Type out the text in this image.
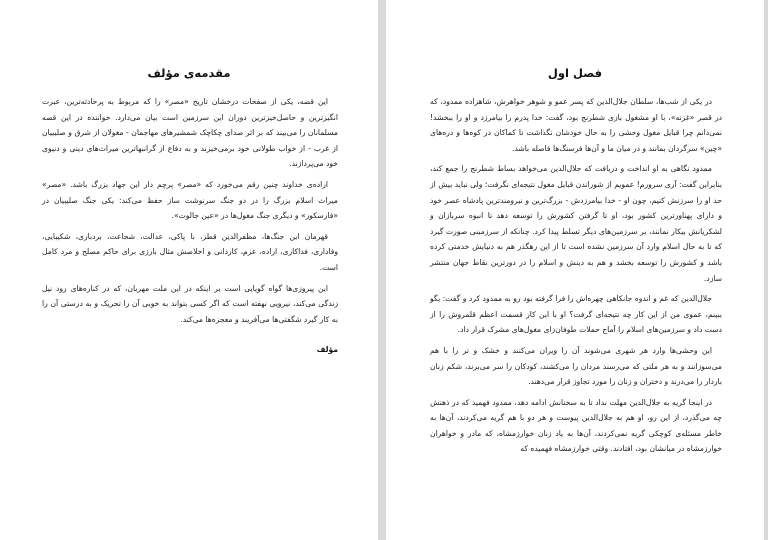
مقدمه‌ی مؤلف

این قصه، یکی از صفحات درخشان تاریخ «مصر» را که مربوط به پرحادثه‌ترین، عبرت انگیزترین و حاصل‌خیزترین دوران این سرزمین است بیان می‌دارد. خواننده در این قصه مسلمانان را می‌بیند که بر اثر صدای چکاچک شمشیرهای مهاجمان - مغولان از شرق و صلیبیان از غرب - از خواب طولانی خود برمی‌خیزند و به دفاع از گرانبهاترین میراث‌های دینی و دنیوی خود می‌پردازند.

اراده‌ی خداوند چنین رقم می‌خورد که «مصر» پرچم دار این جهاد بزرگ باشد. «مصر» میراث اسلام بزرگ را در دو جنگ سرنوشت ساز حفظ می‌کند: یکی جنگ صلیبیان در «فارسکور» و دیگری جنگ مغول‌ها در «عین جالوت».

قهرمان این جنگ‌ها، مظفرالدین قطز، با پاکی، عدالت، شجاعت، بردباری، شکیبایی، وفاداری، فداکاری، اراده، عزم، کاردانی و اخلاصش مثال بارزی برای حاکم مصلح و مرد کامل است.

این پیروزی‌ها گواه گویایی است بر اینکه در این ملت مهربان، که در کناره‌های رود نیل زندگی می‌کند، نیرویی نهفته است که اگر کسی بتواند به خوبی آن را تحریک و به درستی آن را به کار گیرد شگفتی‌ها می‌آفریند و معجزه‌ها می‌کند.

مؤلف
فصل اول

در یکی از شب‌ها، سلطان جلال‌الدین که پسر عمو و شوهر خواهرش، شاهزاده ممدود، که در قصر «غزنه»، با او مشغول بازی شطرنج بود، گفت: خدا پدرم را بیامرزد و او را ببخشد! نمی‌دانم چرا قبایل مغول وحشی را به حال خودشان نگذاشت تا کماکان در کوه‌ها و دره‌های «چین» سرگردان بمانند و در میان ما و آن‌ها فرسنگ‌ها فاصله باشد.

ممدود نگاهی به او انداخت و دریافت که جلال‌الدین می‌خواهد بساط شطرنج را جمع کند، بنابراین گفت: آری سرورم! عمویم از شوراندن قبایل مغول نتیجه‌ای نگرفت؛ ولی نباید بیش از حد او را سرزنش کنیم، چون او - خدا بیامرزدش - بزرگ‌ترین و نیرومندترین پادشاه عصر خود و دارای پهناورترین کشور بود، او تا گرفتن کشورش را توسعه دهد تا انبوه سربازان و لشکریانش بیکار نمانند، بر سرزمین‌های دیگر تسلط پیدا کرد. چنانکه از سرزمینی صورت گیرد که تا به حال اسلام وارد آن سرزمین نشده است تا از این رهگذر هم به دنیایش خدمتی کرده باشد و کشورش را توسعه بخشد و هم به دینش و اسلام را در دورترین نقاط جهان منتشر سازد.

جلال‌الدین که غم و اندوه جانکاهی چهره‌اش را فرا گرفته بود رو به ممدود کرد و گفت: بگو ببینم، عموی من از این کار چه نتیجه‌ای گرفت؟ او با این کار قسمت اعظم قلمروش را از دست داد و سرزمین‌های اسلام را آماج حملات طوفان‌زای مغول‌های مشرک قرار داد.

این وحشی‌ها وارد هر شهری می‌شوند آن را ویران می‌کنند و خشک و تر را با هم می‌سوزانند و به هر ملتی که می‌رسند مردان را می‌کشند، کودکان را سر می‌برند، شکم زنان باردار را می‌درند و دختران و زنان را مورد تجاوز قرار می‌دهند.

در اینجا گریه به جلال‌الدین مهلت نداد تا به سخنانش ادامه دهد، ممدود فهمید که در ذهنش چه می‌گذرد، از این رو، او هم به جلال‌الدین پیوست و هر دو با هم گریه می‌کردند، آن‌ها به خاطر مسئله‌ی کوچکی گریه نمی‌کردند، آن‌ها به یاد زنان خوارزمشاه، که مادر و خواهران خوارزمشاه در میانشان بود، افتادند. وقتی خوارزمشاه فهمیده که
